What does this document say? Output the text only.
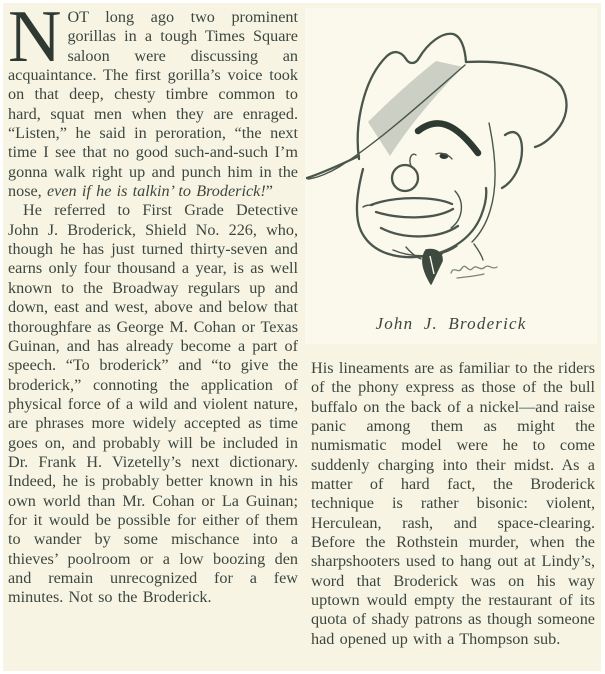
NOT long ago two prominent gorillas in a tough Times Square saloon were discussing an acquaintance. The first gorilla’s voice took on that deep, chesty timbre common to hard, squat men when they are enraged. “Listen,” he said in peroration, “the next time I see that no good such-and-such I’m gonna walk right up and punch him in the nose, even if he is talkin’ to Broderick!”

He referred to First Grade Detective John J. Broderick, Shield No. 226, who, though he has just turned thirty-seven and earns only four thousand a year, is as well known to the Broadway regulars up and down, east and west, above and below that thoroughfare as George M. Cohan or Texas Guinan, and has already become a part of speech. “To broderick” and “to give the broderick,” connoting the application of physical force of a wild and violent nature, are phrases more widely accepted as time goes on, and probably will be included in Dr. Frank H. Vizetelly’s next dictionary. Indeed, he is probably better known in his own world than Mr. Cohan or La Guinan; for it would be possible for either of them to wander by some mischance into a thieves’ poolroom or a low boozing den and remain unrecognized for a few minutes. Not so the Broderick.

John J. Broderick

His lineaments are as familiar to the riders of the phony express as those of the bull buffalo on the back of a nickel—and raise panic among them as might the numismatic model were he to come suddenly charging into their midst. As a matter of hard fact, the Broderick technique is rather bisonic: violent, Herculean, rash, and space-clearing. Before the Rothstein murder, when the sharpshooters used to hang out at Lindy’s, word that Broderick was on his way uptown would empty the restaurant of its quota of shady patrons as though someone had opened up with a Thompson sub.
